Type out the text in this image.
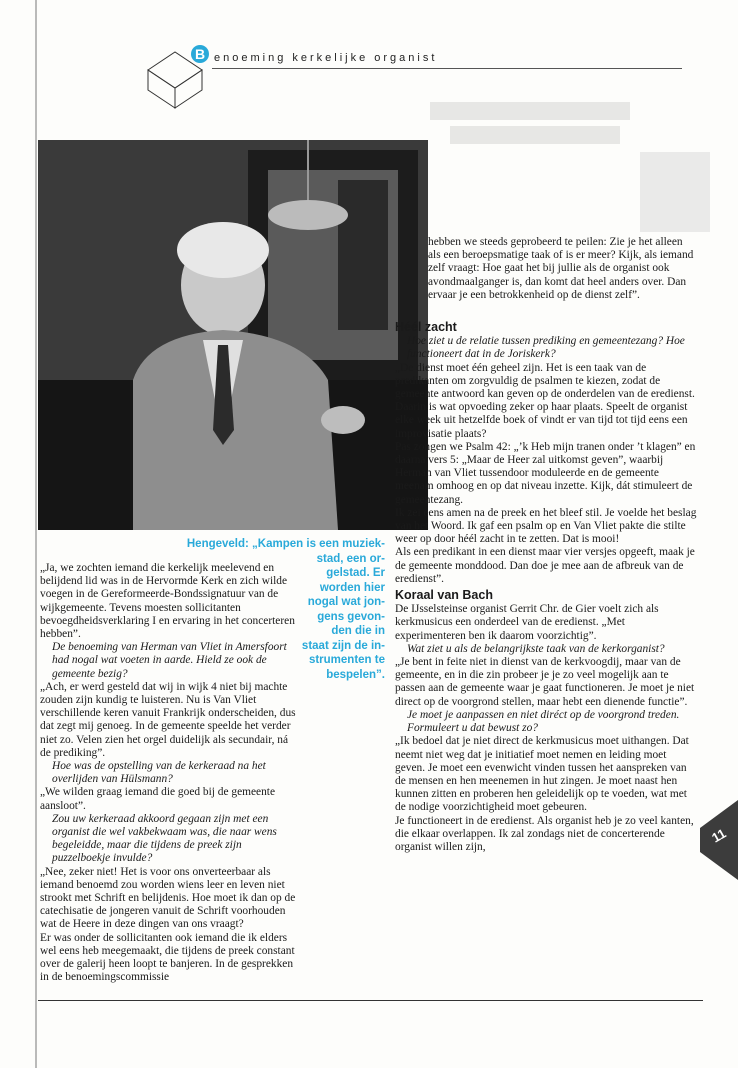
B enoeming kerkelijke organist
Hengeveld: „Kampen is een muziek-
stad, een or-
gelstad. Er
worden hier
nogal wat jon-
gens gevon-
den die in
staat zijn de in-
strumenten te
bespelen”.

hebben we steeds geprobeerd te peilen: Zie je het alleen als een beroepsmatige taak of is er meer? Kijk, als iemand zelf vraagt: Hoe gaat het bij jullie als de organist ook avondmaalganger is, dan komt dat heel anders over. Dan ervaar je een betrokkenheid op de dienst zelf”.

„Ja, we zochten iemand die kerkelijk meelevend en belijdend lid was in de Hervormde Kerk en zich wilde voegen in de Gereformeerde-Bondssignatuur van de wijkgemeente. Tevens moesten sollicitanten bevoegdheidsverklaring I en ervaring in het concerteren hebben”.

De benoeming van Herman van Vliet in Amersfoort had nogal wat voeten in aarde. Hield ze ook de gemeente bezig?

„Ach, er werd gesteld dat wij in wijk 4 niet bij machte zouden zijn kundig te luisteren. Nu is Van Vliet verschillende keren vanuit Frankrijk onderscheiden, dus dat zegt mij genoeg. In de gemeente speelde het verder niet zo. Velen zien het orgel duidelijk als secundair, ná de prediking”.

Hoe was de opstelling van de kerkeraad na het overlijden van Hülsmann?

„We wilden graag iemand die goed bij de gemeente aansloot”.

Zou uw kerkeraad akkoord gegaan zijn met een organist die wel vakbekwaam was, die naar wens begeleidde, maar die tijdens de preek zijn puzzelboekje invulde?

„Nee, zeker niet! Het is voor ons onverteerbaar als iemand benoemd zou worden wiens leer en leven niet strookt met Schrift en belijdenis. Hoe moet ik dan op de catechisatie de jongeren vanuit de Schrift voorhouden wat de Heere in deze dingen van ons vraagt?

Er was onder de sollicitanten ook iemand die ik elders wel eens heb meegemaakt, die tijdens de preek constant over de galerij heen loopt te banjeren. In de gesprekken in de benoemingscommissie

Héél zacht

Hoe ziet u de relatie tussen prediking en gemeentezang? Hoe functioneert dat in de Joriskerk?

„De dienst moet één geheel zijn. Het is een taak van de predikanten om zorgvuldig de psalmen te kiezen, zodat de gemeente antwoord kan geven op de onderdelen van de eredienst. Daarin is wat opvoeding zeker op haar plaats. Speelt de organist elke week uit hetzelfde boek of vindt er van tijd tot tijd eens een improvisatie plaats?

Pas zongen we Psalm 42: „’k Heb mijn tranen onder ’t klagen” en daarna vers 5: „Maar de Heer zal uitkomst geven”, waarbij Herman van Vliet tussendoor moduleerde en de gemeente meenam omhoog en op dat niveau inzette. Kijk, dát stimuleert de gemeentezang.

Ik zei eens amen na de preek en het bleef stil. Je voelde het beslag van het Woord. Ik gaf een psalm op en Van Vliet pakte die stilte weer op door héél zacht in te zetten. Dat is mooi!

Als een predikant in een dienst maar vier versjes opgeeft, maak je de gemeente monddood. Dan doe je mee aan de afbreuk van de eredienst”.

Koraal van Bach

De IJsselsteinse organist Gerrit Chr. de Gier voelt zich als kerkmusicus een onderdeel van de eredienst. „Met experimenteren ben ik daarom voorzichtig”.

Wat ziet u als de belangrijkste taak van de kerkorganist?

„Je bent in feite niet in dienst van de kerkvoogdij, maar van de gemeente, en in die zin probeer je je zo veel mogelijk aan te passen aan de gemeente waar je gaat functioneren. Je moet je niet direct op de voorgrond stellen, maar hebt een dienende functie”.

Je moet je aanpassen en niet diréct op de voorgrond treden. Formuleert u dat bewust zo?

„Ik bedoel dat je niet direct de kerkmusicus moet uithangen. Dat neemt niet weg dat je initiatief moet nemen en leiding moet geven. Je moet een evenwicht vinden tussen het aanspreken van de mensen en hen meenemen in hut zingen. Je moet naast hen kunnen zitten en proberen hen geleidelijk op te voeden, wat met de nodige voorzichtigheid moet gebeuren.

Je functioneert in de eredienst. Als organist heb je zo veel kanten, die elkaar overlappen. Ik zal zondags niet de concerterende organist willen zijn,

11
